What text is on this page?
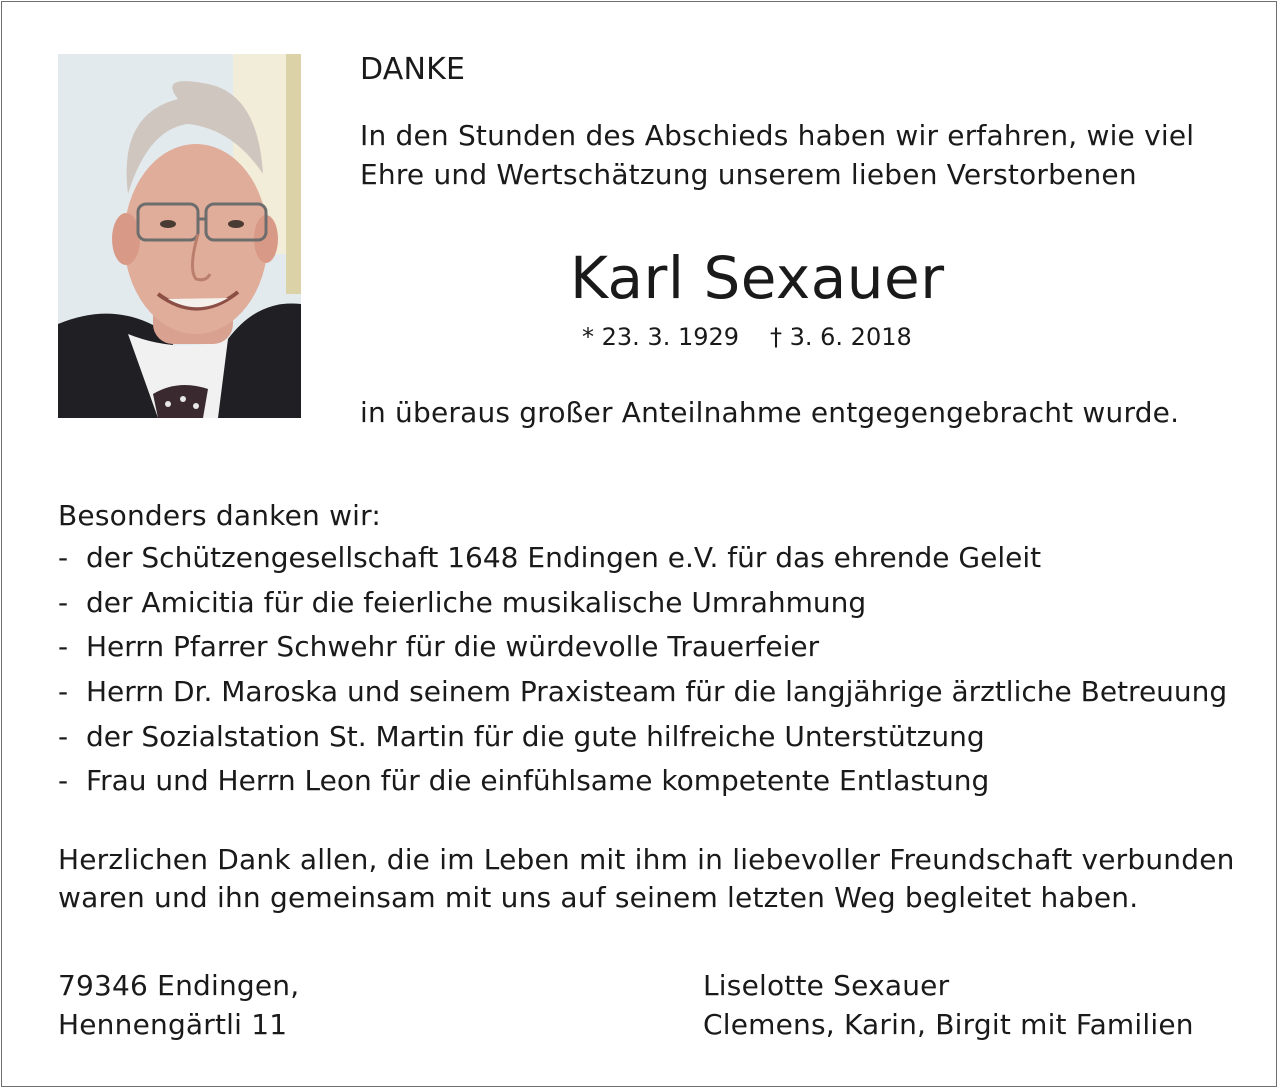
DANKE
In den Stunden des Abschieds haben wir erfahren, wie viel
Ehre und Wertschätzung unserem lieben Verstorbenen
Karl Sexauer
* 23. 3. 1929 † 3. 6. 2018
in überaus großer Anteilnahme entgegengebracht wurde.
Besonders danken wir:
- der Schützengesellschaft 1648 Endingen e.V. für das ehrende Geleit
- der Amicitia für die feierliche musikalische Umrahmung
- Herrn Pfarrer Schwehr für die würdevolle Trauerfeier
- Herrn Dr. Maroska und seinem Praxisteam für die langjährige ärztliche Betreuung
- der Sozialstation St. Martin für die gute hilfreiche Unterstützung
- Frau und Herrn Leon für die einfühlsame kompetente Entlastung
Herzlichen Dank allen, die im Leben mit ihm in liebevoller Freundschaft verbunden
waren und ihn gemeinsam mit uns auf seinem letzten Weg begleitet haben.
79346 Endingen,
Hennengärtli 11
Liselotte Sexauer
Clemens, Karin, Birgit mit Familien
